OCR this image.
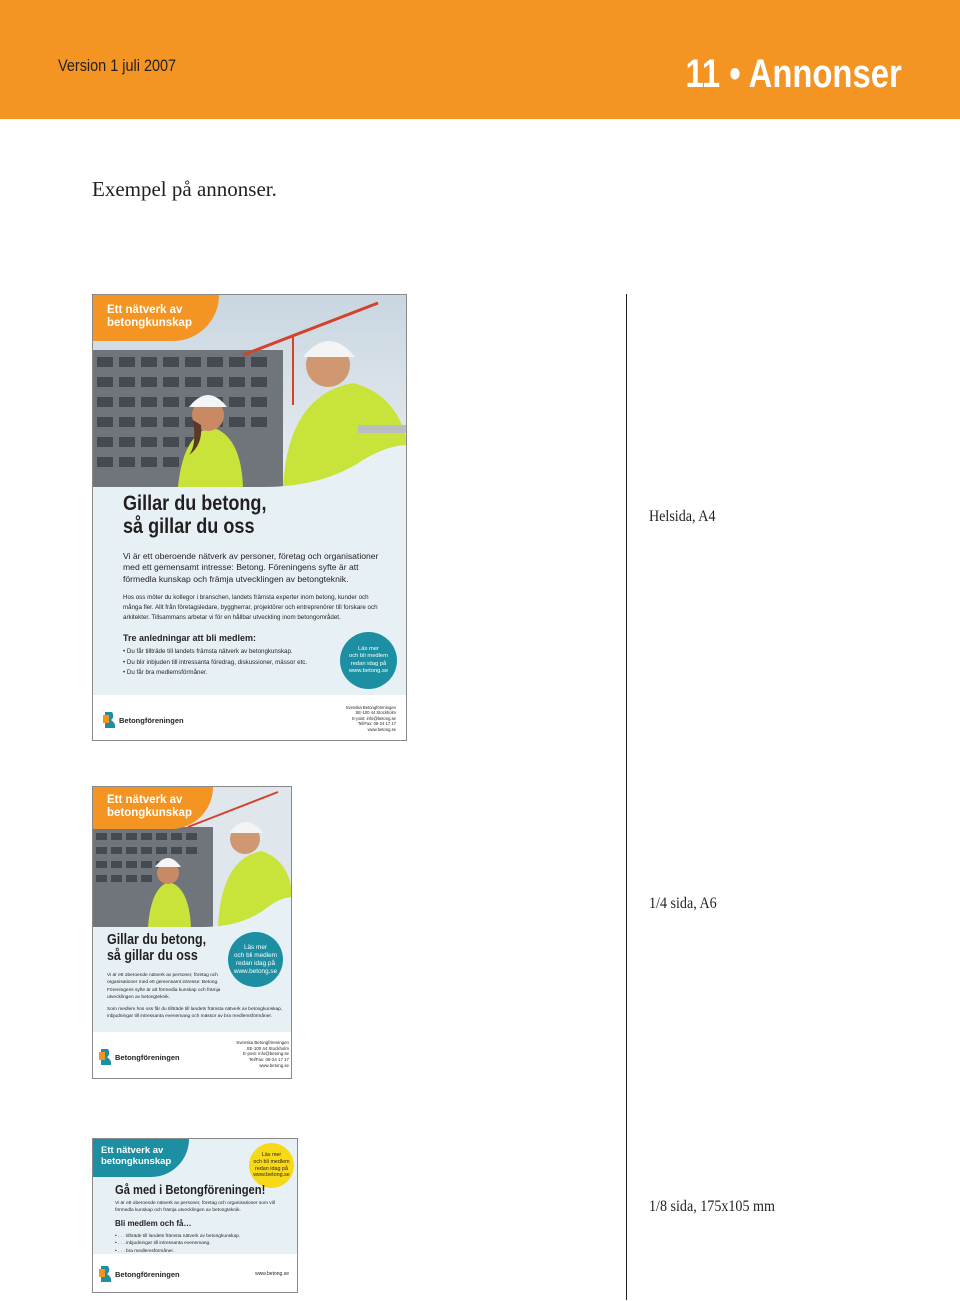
Version 1 juli 2007	11 • Annonser
Exempel på annonser.
Ett nätverk av betongkunskap
Gillar du betong,
så gillar du oss

Vi är ett oberoende nätverk av personer, företag och organisationer med ett gemensamt intresse: Betong. Föreningens syfte är att förmedla kunskap och främja utvecklingen av betongteknik.

Hos oss möter du kollegor i branschen, landets främsta experter inom betong, kunder och många fler. Allt från företagsledare, byggherrar, projektörer och entreprenörer till forskare och arkitekter. Tillsammans arbetar vi för en hållbar utveckling inom betongområdet.

Tre anledningar att bli medlem:
• Du får tillträde till landets främsta nätverk av betongkunskap.
• Du blir inbjuden till intressanta föredrag, diskussioner, mässor etc.
• Du får bra medlemsförmåner.
Läs mer
och bli medlem
redan idag på
www.betong.se
Betongföreningen
Svenska Betongföreningen
SE-100 44 Stockholm
E-post: info@betong.se
Tel/Fax: 08-24 17 17
www.betong.se
Helsida, A4
Ett nätverk av betongkunskap
Gillar du betong,
så gillar du oss
Läs mer
och bli medlem
redan idag på
www.betong.se

Vi är ett oberoende nätverk av personer, företag och organisationer med ett gemensamt intresse: Betong. Föreningens syfte är att förmedla kunskap och främja utvecklingen av betongteknik.

Som medlem hos oss får du tillträde till landets främsta nätverk av betongkunskap, inbjudningar till intressanta evenemang och mässor av bra medlemsförmåner.

Betongföreningen
Svenska Betongföreningen
SE-100 44 Stockholm
E-post: info@betong.se
Tel/Fax: 08-24 17 17
www.betong.se
1/4 sida, A6
Ett nätverk av betongkunskap
Läs mer
och bli medlem
redan idag på
www.betong.se
Gå med i Betongföreningen!

Vi är ett oberoende nätverk av personer, företag och organisationer som vill förmedla kunskap och främja utvecklingen av betongteknik.

Bli medlem och få…
• . . . tillträde till landets främsta nätverk av betongkunskap.
• . . . inbjudningar till intressanta evenemang.
• . . . bra medlemsförmåner.
Betongföreningen	www.betong.se
1/8 sida, 175x105 mm
